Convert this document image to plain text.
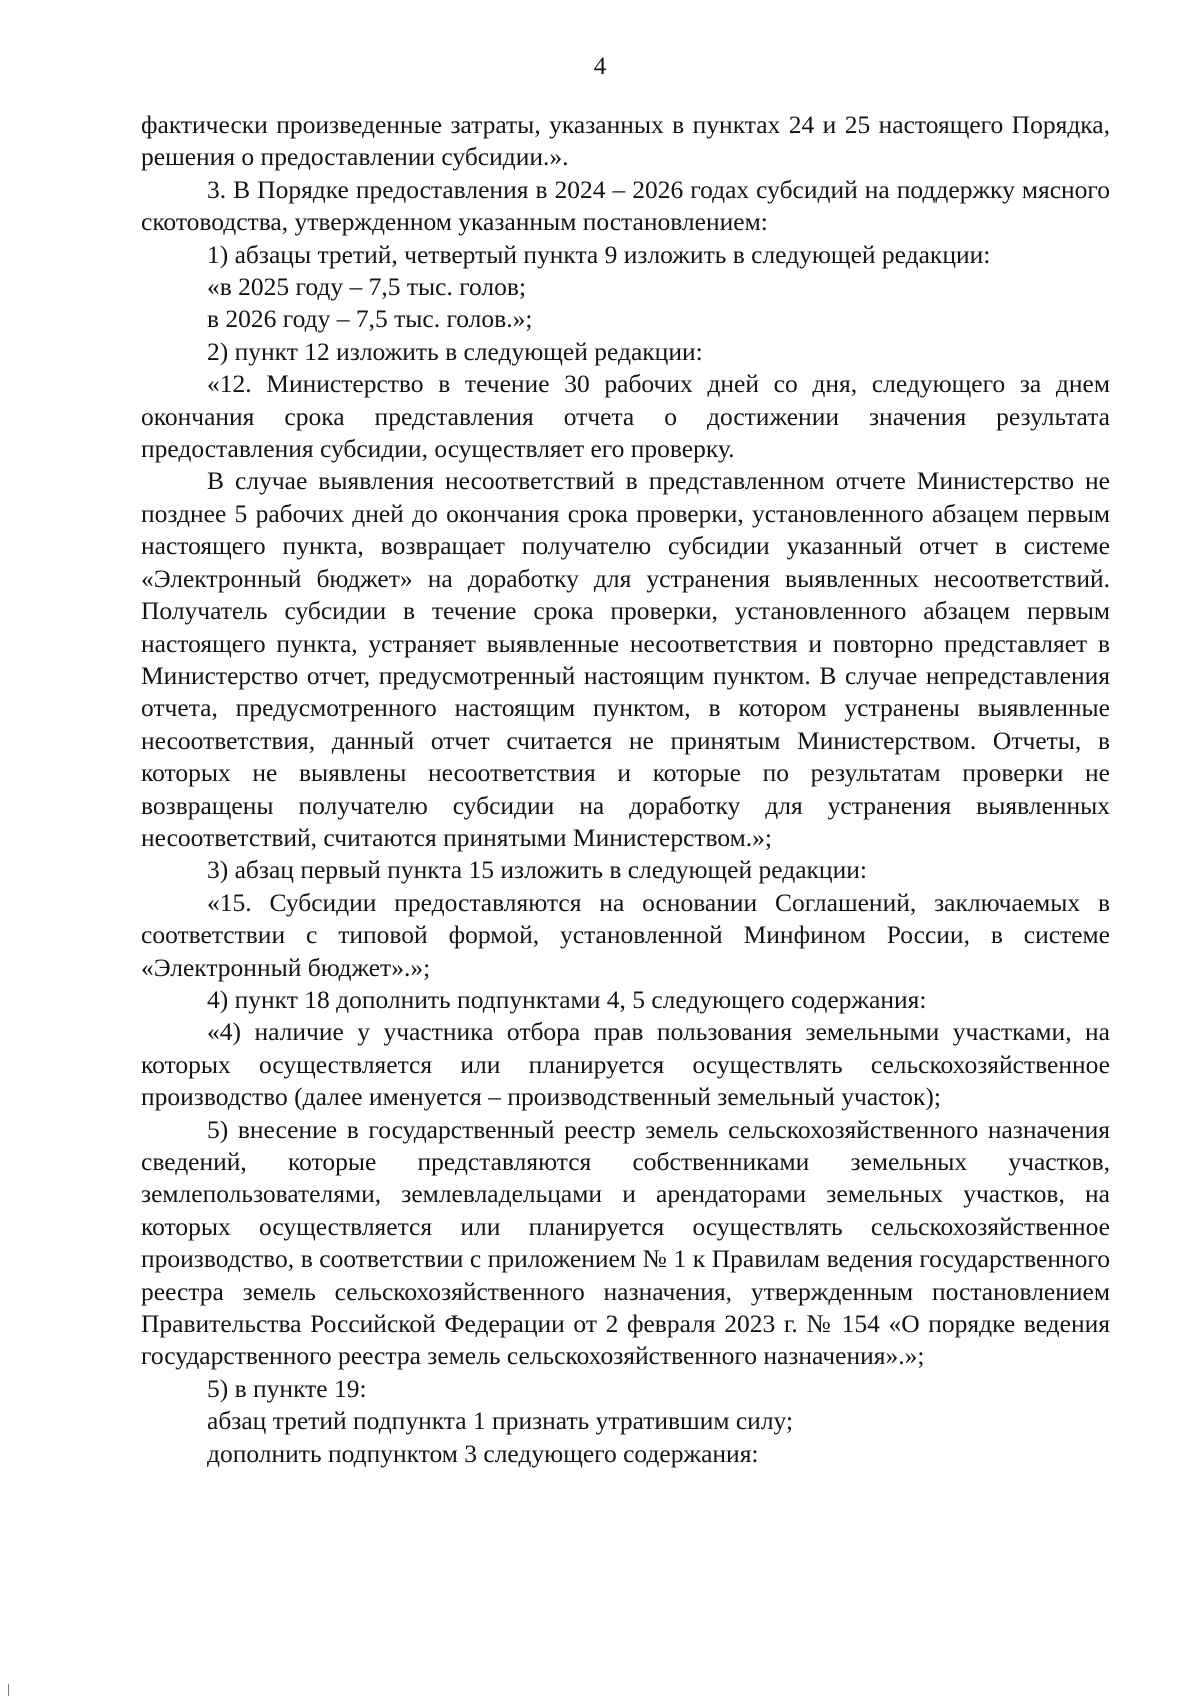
4

фактически произведенные затраты, указанных в пунктах 24 и 25 настоящего Порядка, решения о предоставлении субсидии.».

3. В Порядке предоставления в 2024 – 2026 годах субсидий на поддержку мясного скотоводства, утвержденном указанным постановлением:

1) абзацы третий, четвертый пункта 9 изложить в следующей редакции:

«в 2025 году – 7,5 тыс. голов;

в 2026 году – 7,5 тыс. голов.»;

2) пункт 12 изложить в следующей редакции:

«12. Министерство в течение 30 рабочих дней со дня, следующего за днем окончания срока представления отчета о достижении значения результата предоставления субсидии, осуществляет его проверку.

В случае выявления несоответствий в представленном отчете Министерство не позднее 5 рабочих дней до окончания срока проверки, установленного абзацем первым настоящего пункта, возвращает получателю субсидии указанный отчет в системе «Электронный бюджет» на доработку для устранения выявленных несоответствий. Получатель субсидии в течение срока проверки, установленного абзацем первым настоящего пункта, устраняет выявленные несоответствия и повторно представляет в Министерство отчет, предусмотренный настоящим пунктом. В случае непредставления отчета, предусмотренного настоящим пунктом, в котором устранены выявленные несоответствия, данный отчет считается не принятым Министерством. Отчеты, в которых не выявлены несоответствия и которые по результатам проверки не возвращены получателю субсидии на доработку для устранения выявленных несоответствий, считаются принятыми Министерством.»;

3) абзац первый пункта 15 изложить в следующей редакции:

«15. Субсидии предоставляются на основании Соглашений, заключаемых в соответствии с типовой формой, установленной Минфином России, в системе «Электронный бюджет».»;

4) пункт 18 дополнить подпунктами 4, 5 следующего содержания:

«4) наличие у участника отбора прав пользования земельными участками, на которых осуществляется или планируется осуществлять сельскохозяйственное производство (далее именуется – производственный земельный участок);

5) внесение в государственный реестр земель сельскохозяйственного назначения сведений, которые представляются собственниками земельных участков, землепользователями, землевладельцами и арендаторами земельных участков, на которых осуществляется или планируется осуществлять сельскохозяйственное производство, в соответствии с приложением № 1 к Правилам ведения государственного реестра земель сельскохозяйственного назначения, утвержденным постановлением Правительства Российской Федерации от 2 февраля 2023 г. № 154 «О порядке ведения государственного реестра земель сельскохозяйственного назначения».»;

5) в пункте 19:

абзац третий подпункта 1 признать утратившим силу;

дополнить подпунктом 3 следующего содержания:
